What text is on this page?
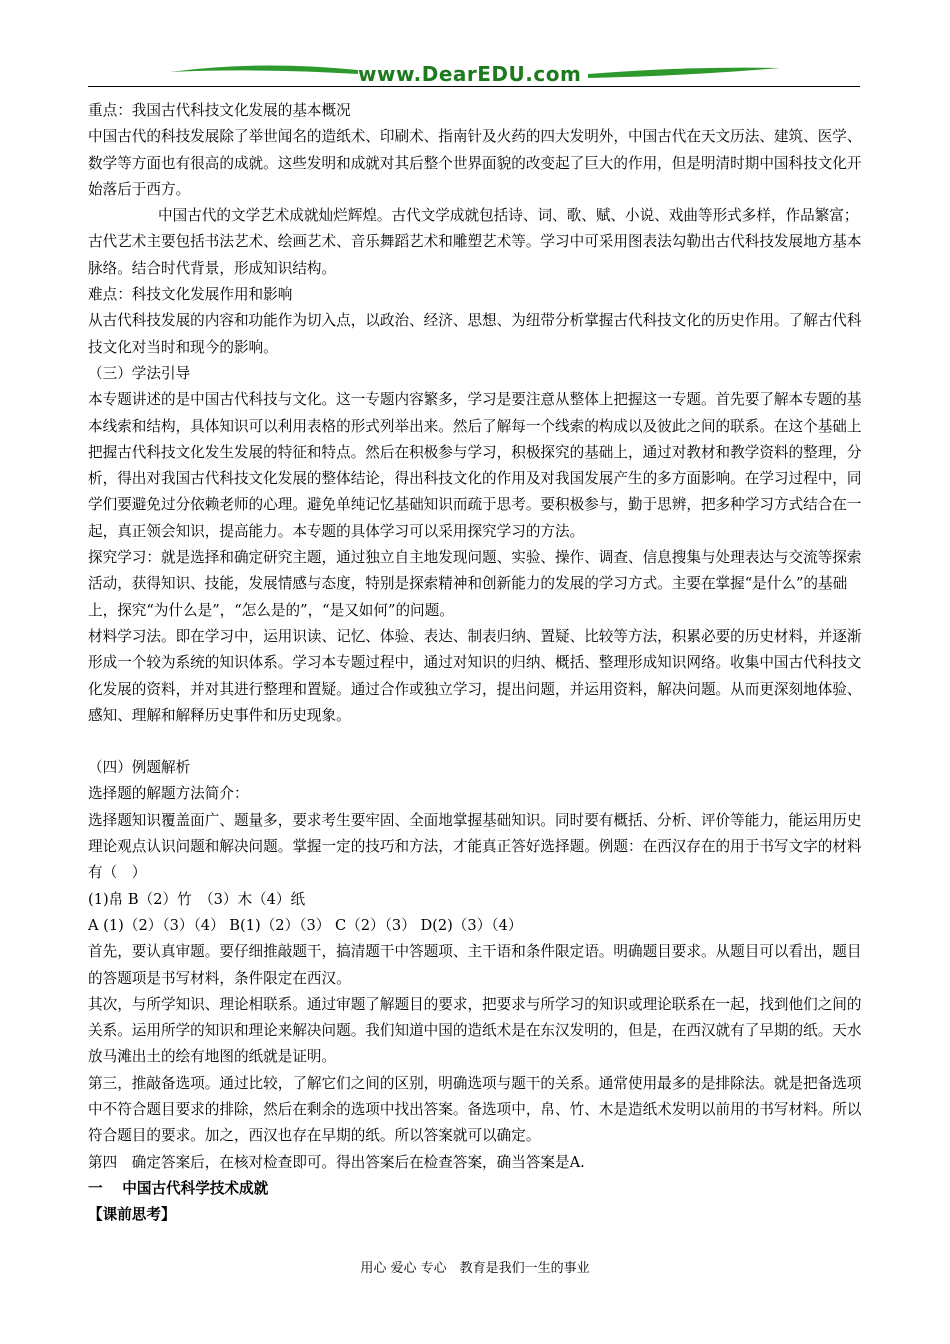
www.DearEDU.com

重点：我国古代科技文化发展的基本概况

中国古代的科技发展除了举世闻名的造纸术、印刷术、指南针及火药的四大发明外，中国古代在天文历法、建筑、医学、数学等方面也有很高的成就。这些发明和成就对其后整个世界面貌的改变起了巨大的作用，但是明清时期中国科技文化开始落后于西方。

中国古代的文学艺术成就灿烂辉煌。古代文学成就包括诗、词、歌、赋、小说、戏曲等形式多样，作品繁富；古代艺术主要包括书法艺术、绘画艺术、音乐舞蹈艺术和雕塑艺术等。学习中可采用图表法勾勒出古代科技发展地方基本脉络。结合时代背景，形成知识结构。

难点：科技文化发展作用和影响

从古代科技发展的内容和功能作为切入点，以政治、经济、思想、为纽带分析掌握古代科技文化的历史作用。了解古代科技文化对当时和现今的影响。

（三）学法引导

本专题讲述的是中国古代科技与文化。这一专题内容繁多，学习是要注意从整体上把握这一专题。首先要了解本专题的基本线索和结构，具体知识可以利用表格的形式列举出来。然后了解每一个线索的构成以及彼此之间的联系。在这个基础上把握古代科技文化发生发展的特征和特点。然后在积极参与学习，积极探究的基础上，通过对教材和教学资料的整理，分析，得出对我国古代科技文化发展的整体结论，得出科技文化的作用及对我国发展产生的多方面影响。在学习过程中，同学们要避免过分依赖老师的心理。避免单纯记忆基础知识而疏于思考。要积极参与，勤于思辨，把多种学习方式结合在一起，真正领会知识，提高能力。本专题的具体学习可以采用探究学习的方法。

探究学习：就是选择和确定研究主题，通过独立自主地发现问题、实验、操作、调查、信息搜集与处理表达与交流等探索活动，获得知识、技能，发展情感与态度，特别是探索精神和创新能力的发展的学习方式。主要在掌握“是什么”的基础上，探究“为什么是”，“怎么是的”，“是又如何”的问题。

材料学习法。即在学习中，运用识读、记忆、体验、表达、制表归纳、置疑、比较等方法，积累必要的历史材料，并逐渐形成一个较为系统的知识体系。学习本专题过程中，通过对知识的归纳、概括、整理形成知识网络。收集中国古代科技文化发展的资料，并对其进行整理和置疑。通过合作或独立学习，提出问题，并运用资料，解决问题。从而更深刻地体验、感知、理解和解释历史事件和历史现象。

（四）例题解析

选择题的解题方法简介：

选择题知识覆盖面广、题量多，要求考生要牢固、全面地掌握基础知识。同时要有概括、分析、评价等能力，能运用历史理论观点认识问题和解决问题。掌握一定的技巧和方法，才能真正答好选择题。例题：在西汉存在的用于书写文字的材料有（　）

(1)帛 B（2）竹　（3）木（4）纸

A (1)（2）（3）（4） B(1)（2）（3） C（2）（3） D(2)（3）（4）

首先，要认真审题。要仔细推敲题干，搞清题干中答题项、主干语和条件限定语。明确题目要求。从题目可以看出，题目的答题项是书写材料，条件限定在西汉。

其次，与所学知识、理论相联系。通过审题了解题目的要求，把要求与所学习的知识或理论联系在一起，找到他们之间的关系。运用所学的知识和理论来解决问题。我们知道中国的造纸术是在东汉发明的，但是，在西汉就有了早期的纸。天水放马滩出土的绘有地图的纸就是证明。

第三，推敲备选项。通过比较，了解它们之间的区别，明确选项与题干的关系。通常使用最多的是排除法。就是把备选项中不符合题目要求的排除，然后在剩余的选项中找出答案。备选项中，帛、竹、木是造纸术发明以前用的书写材料。所以符合题目的要求。加之，西汉也存在早期的纸。所以答案就可以确定。

第四　确定答案后，在核对检查即可。得出答案后在检查答案，确当答案是A.

一　 中国古代科学技术成就

【课前思考】

用心 爱心 专心　教育是我们一生的事业
